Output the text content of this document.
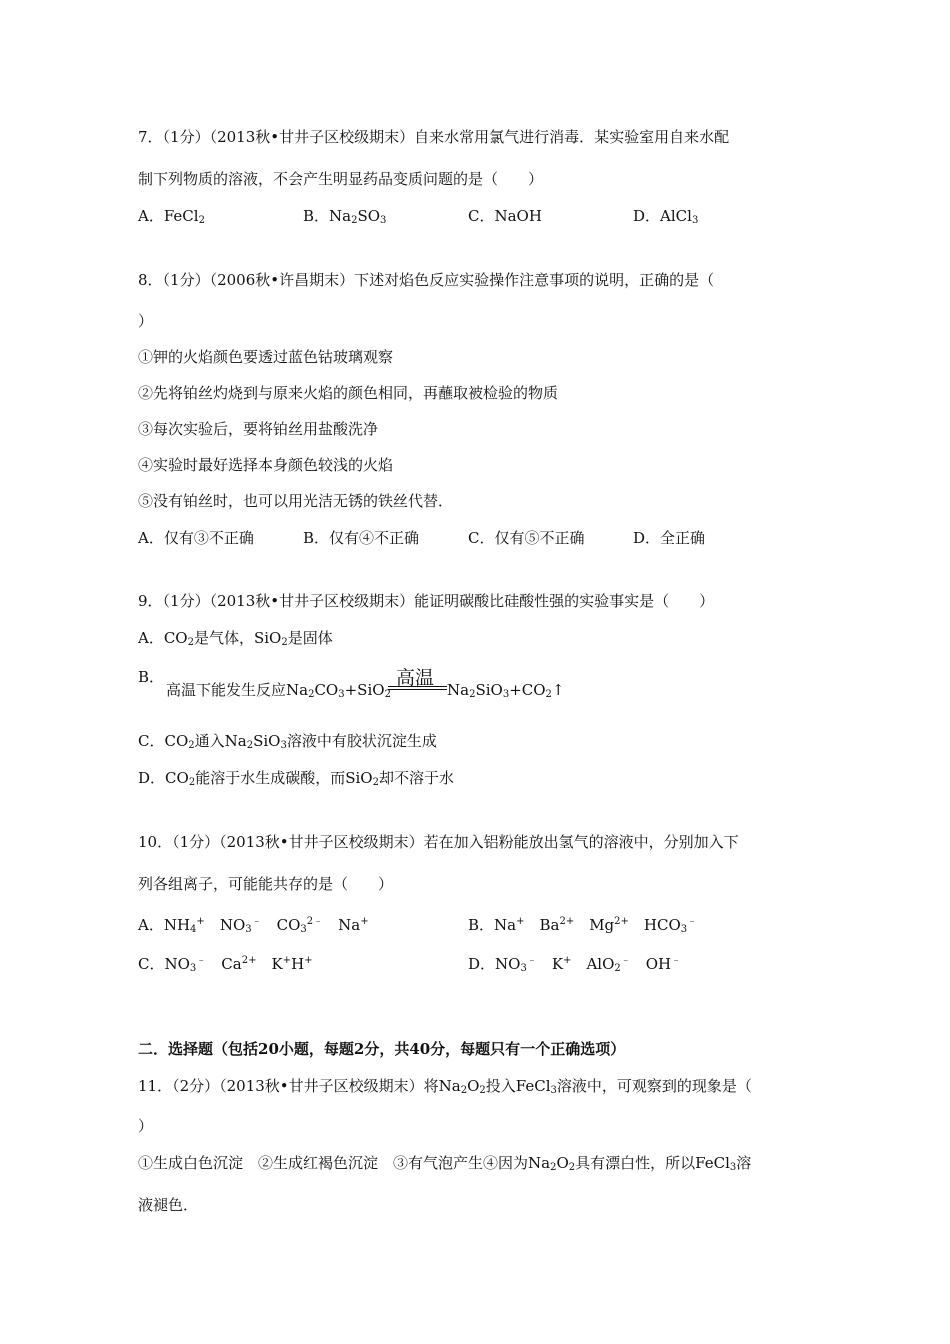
7．（1分）（2013秋•甘井子区校级期末）自来水常用氯气进行消毒．某实验室用自来水配
制下列物质的溶液，不会产生明显药品变质问题的是（　　）
A．FeCl$_2$	B．$Na_2SO_3$	C．NaOH	D．AlCl$_3$
8．（1分）（2006秋•许昌期末）下述对焰色反应实验操作注意事项的说明，正确的是（
）
①钾的火焰颜色要透过蓝色钴玻璃观察
②先将铂丝灼烧到与原来火焰的颜色相同，再蘸取被检验的物质
③每次实验后，要将铂丝用盐酸洗净
④实验时最好选择本身颜色较浅的火焰
⑤没有铂丝时，也可以用光洁无锈的铁丝代替．
A．仅有③不正确	B．仅有④不正确	C．仅有⑤不正确	D．全正确
9．（1分）（2013秋•甘井子区校级期末）能证明碳酸比硅酸性强的实验事实是（　　）
A．$CO_2$是气体，SiO$_2$是固体
B．
高温下能发生反应$Na_2CO_3+SiO_2$
高温
$Na_2SiO_3+CO_2↑$
C．$CO_2$通入$Na_2SiO_3$溶液中有胶状沉淀生成
D．$CO_2$能溶于水生成碳酸，而SiO$_2$却不溶于水
10．（1分）（2013秋•甘井子区校级期末）若在加入铝粉能放出氢气的溶液中，分别加入下
列各组离子，可能能共存的是（　　）
A．$NH_4^+$　$NO_3^﹣$　$CO_3^{2﹣}$　Na+	B．Na+　$Ba^{2+}$　$Mg^{2+}$　$HCO_3^﹣$
C．$NO_3^﹣$　$Ca^{2+}$　K+H+	D．$NO_3^﹣$　K+　AlO$_2$﹣　OH﹣
二．选择题（包括20小题，每题2分，共40分，每题只有一个正确选项）
11．（2分）（2013秋•甘井子区校级期末）将$Na_2O_2$投入FeCl$_3$溶液中，可观察到的现象是（
）
①生成白色沉淀　②生成红褐色沉淀　③有气泡产生④因为$Na_2O_2$具有漂白性，所以FeCl$_3$溶
液褪色．
